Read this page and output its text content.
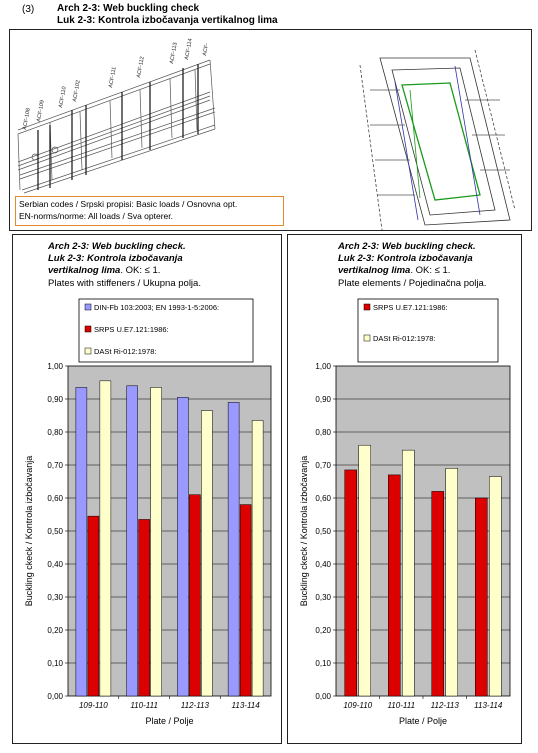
(3) Arch 2-3: Web buckling check
Luk 2-3: Kontrola izbočavanja vertikalnog lima
ACF-108 ACF-109
ACF-110 ACF-102
ACF-111	ACF-112
ACF-113 ACF-114 ACF-
Serbian codes / Srpski propisi: Basic loads / Osnovna opt.
EN-norms/norme: All loads / Sva opterer.
Arch 2-3: Web buckling check.
Luk 2-3: Kontrola izbočavanja
vertikalnog lima. OK: ≤ 1.
Plates with stiffeners / Ukupna polja.
DIN-Fb 103:2003; EN 1993-1-5:2006:
SRPS U.E7.121:1986:
DASt Ri-012:1978:
0,00
0,10
0,20
0,30
0,40
0,50
0,60
0,70
0,80
0,90
1,00
109-110	110-111	112-113	113-114
Plate / Polje
Buckling ckeck / Kontrola izbočavanja
Arch 2-3: Web buckling check.
Luk 2-3: Kontrola izbočavanja
vertikalnog lima. OK: ≤ 1.
Plate elements / Pojedinačna polja.
SRPS U.E7.121:1986:
DASt Ri-012:1978:
0,00
0,10
0,20
0,30
0,40
0,50
0,60
0,70
0,80
0,90
1,00
109-110 110-111 112-113 113-114
Plate / Polje
Buckling ckeck / Kontrola izbočavanja
